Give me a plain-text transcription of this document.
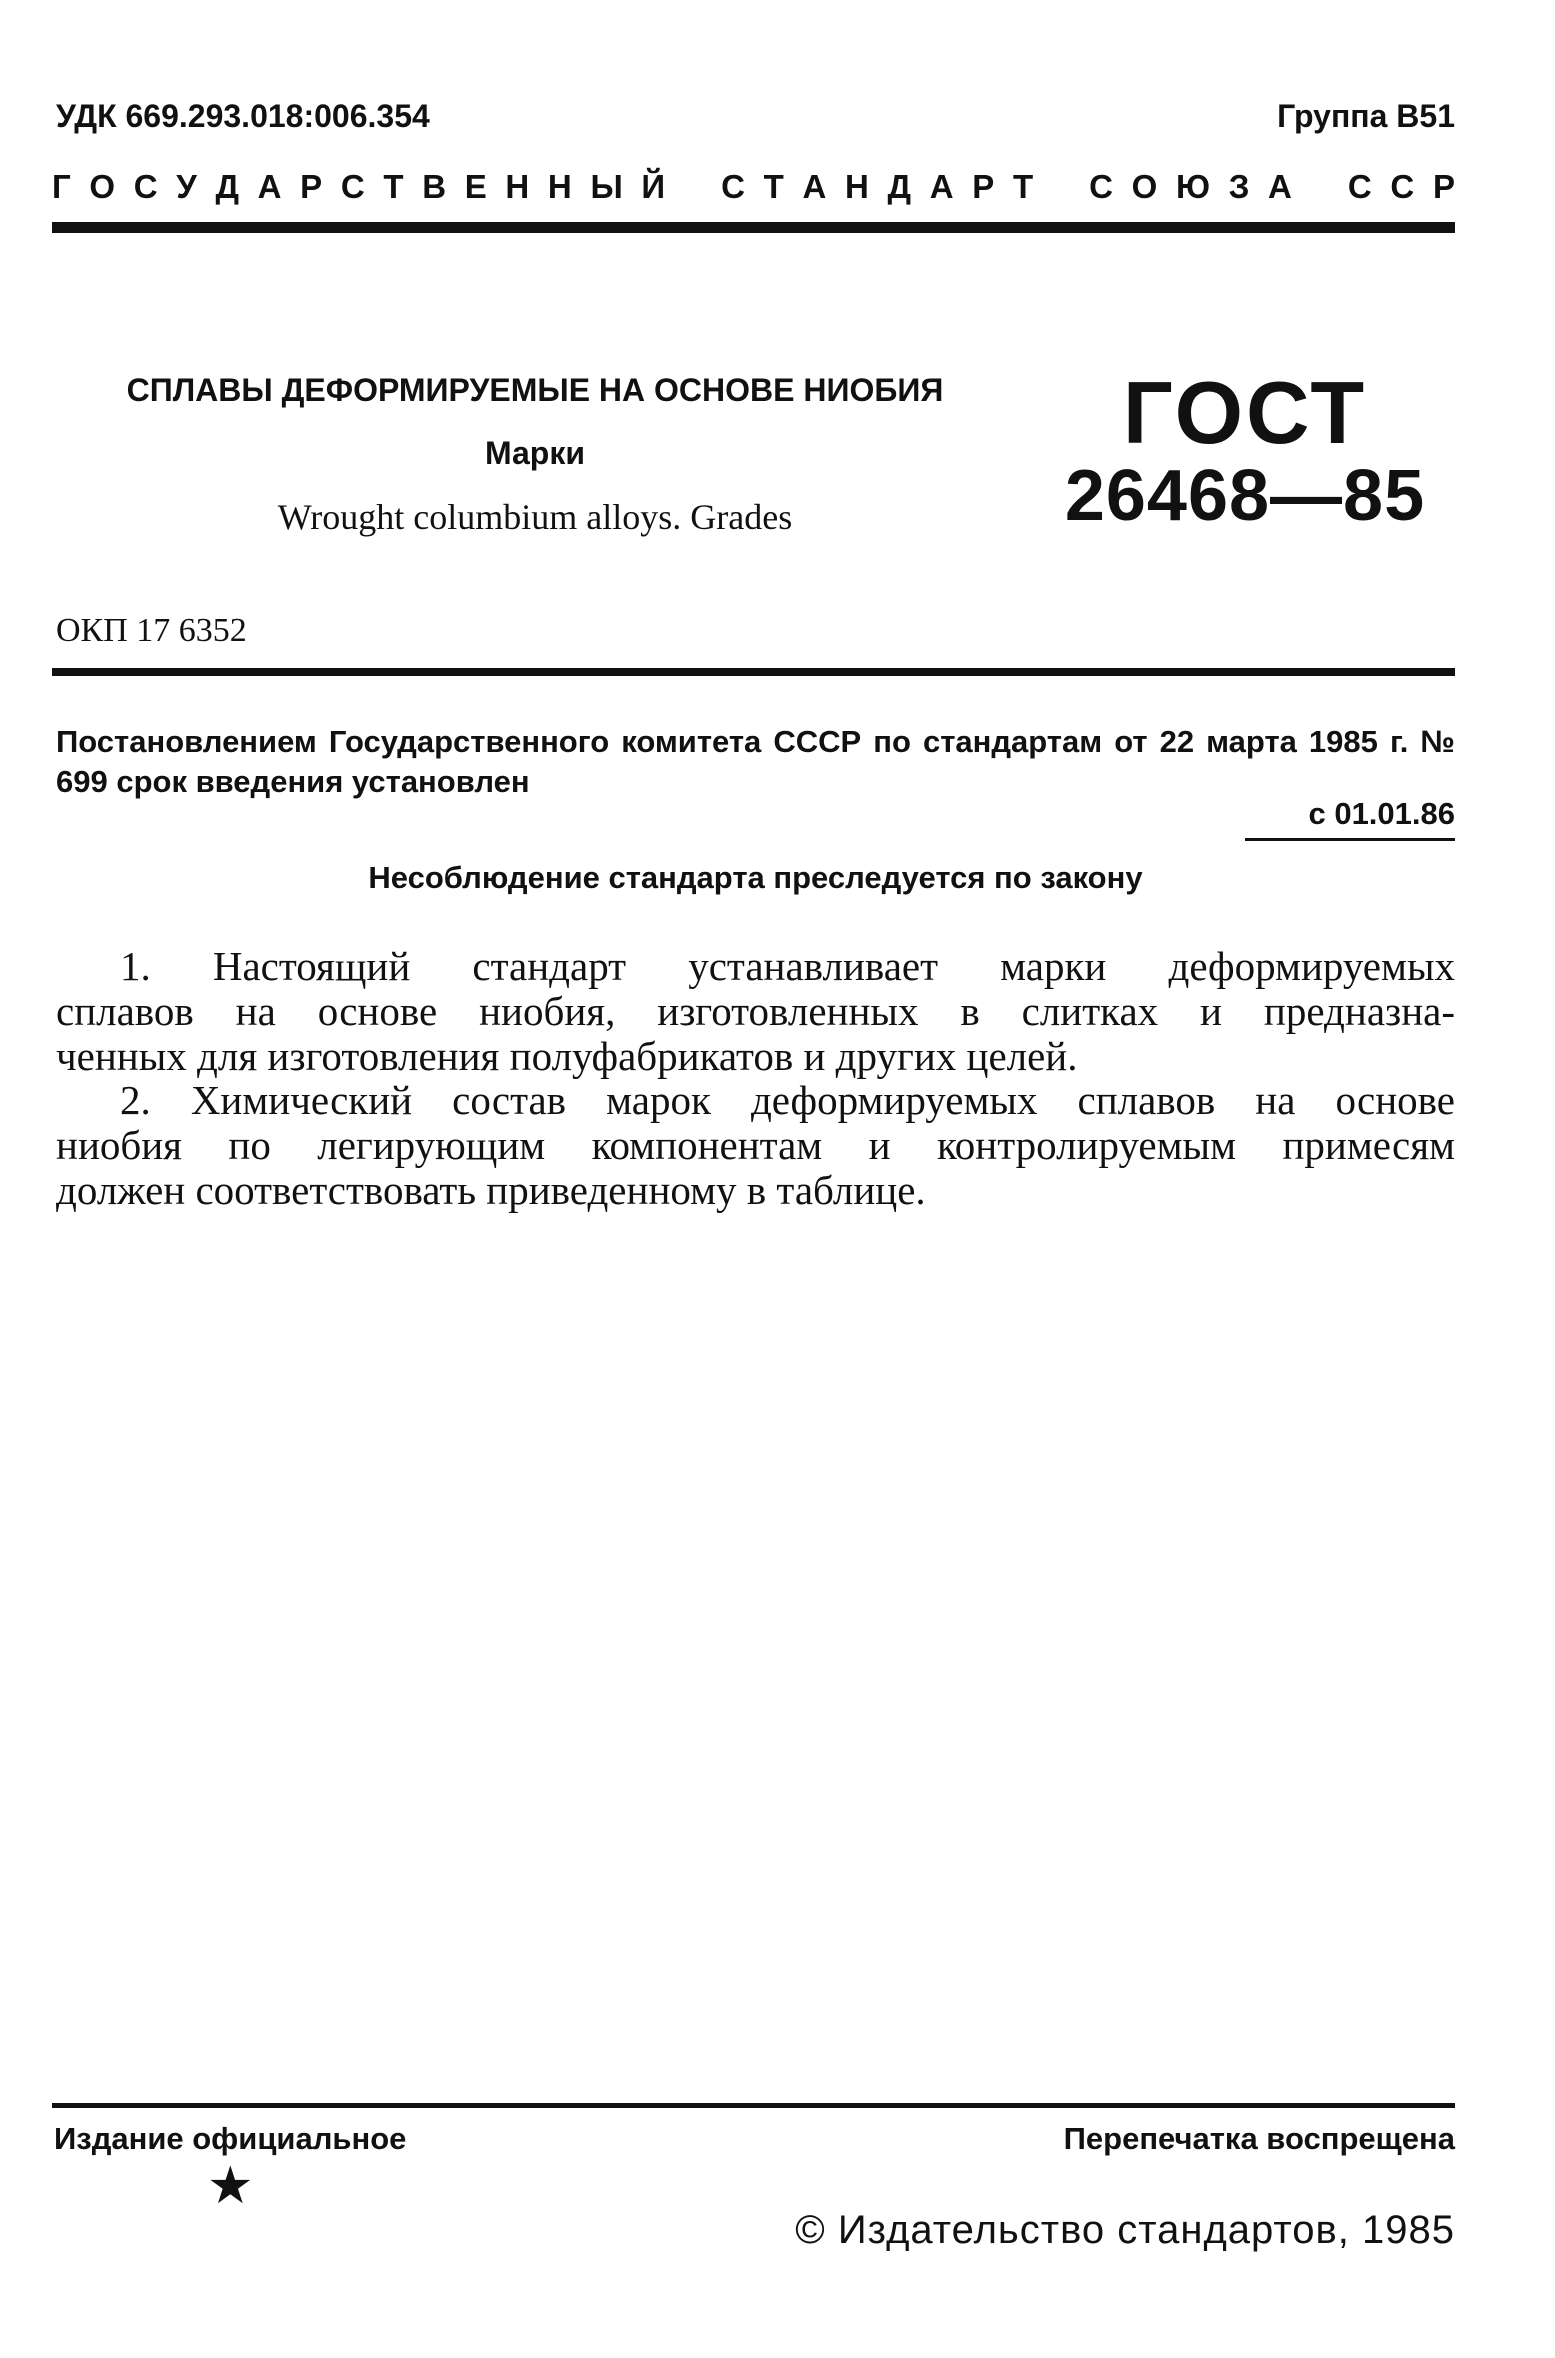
УДК 669.293.018:006.354	Группа В51
Г О С У Д А Р С Т В Е Н Н Ы Й С Т А Н Д А Р Т С О Ю З А С С Р
СПЛАВЫ ДЕФОРМИРУЕМЫЕ НА ОСНОВЕ НИОБИЯ
Марки
Wrought columbium alloys. Grades
ГОСТ
26468—85
ОКП 17 6352
Постановлением Государственного комитета СССР по стандартам от 22 марта 1985 г. № 699 срок введения установлен
с 01.01.86
Несоблюдение стандарта преследуется по закону
1. Настоящий стандарт устанавливает марки деформируемых
сплавов на основе ниобия, изготовленных в слитках и предназна-
ченных для изготовления полуфабрикатов и других целей.
2. Химический состав марок деформируемых сплавов на основе
ниобия по легирующим компонентам и контролируемым примесям
должен соответствовать приведенному в таблице.
Издание официальное	Перепечатка воспрещена
★
© Издательство стандартов, 1985
